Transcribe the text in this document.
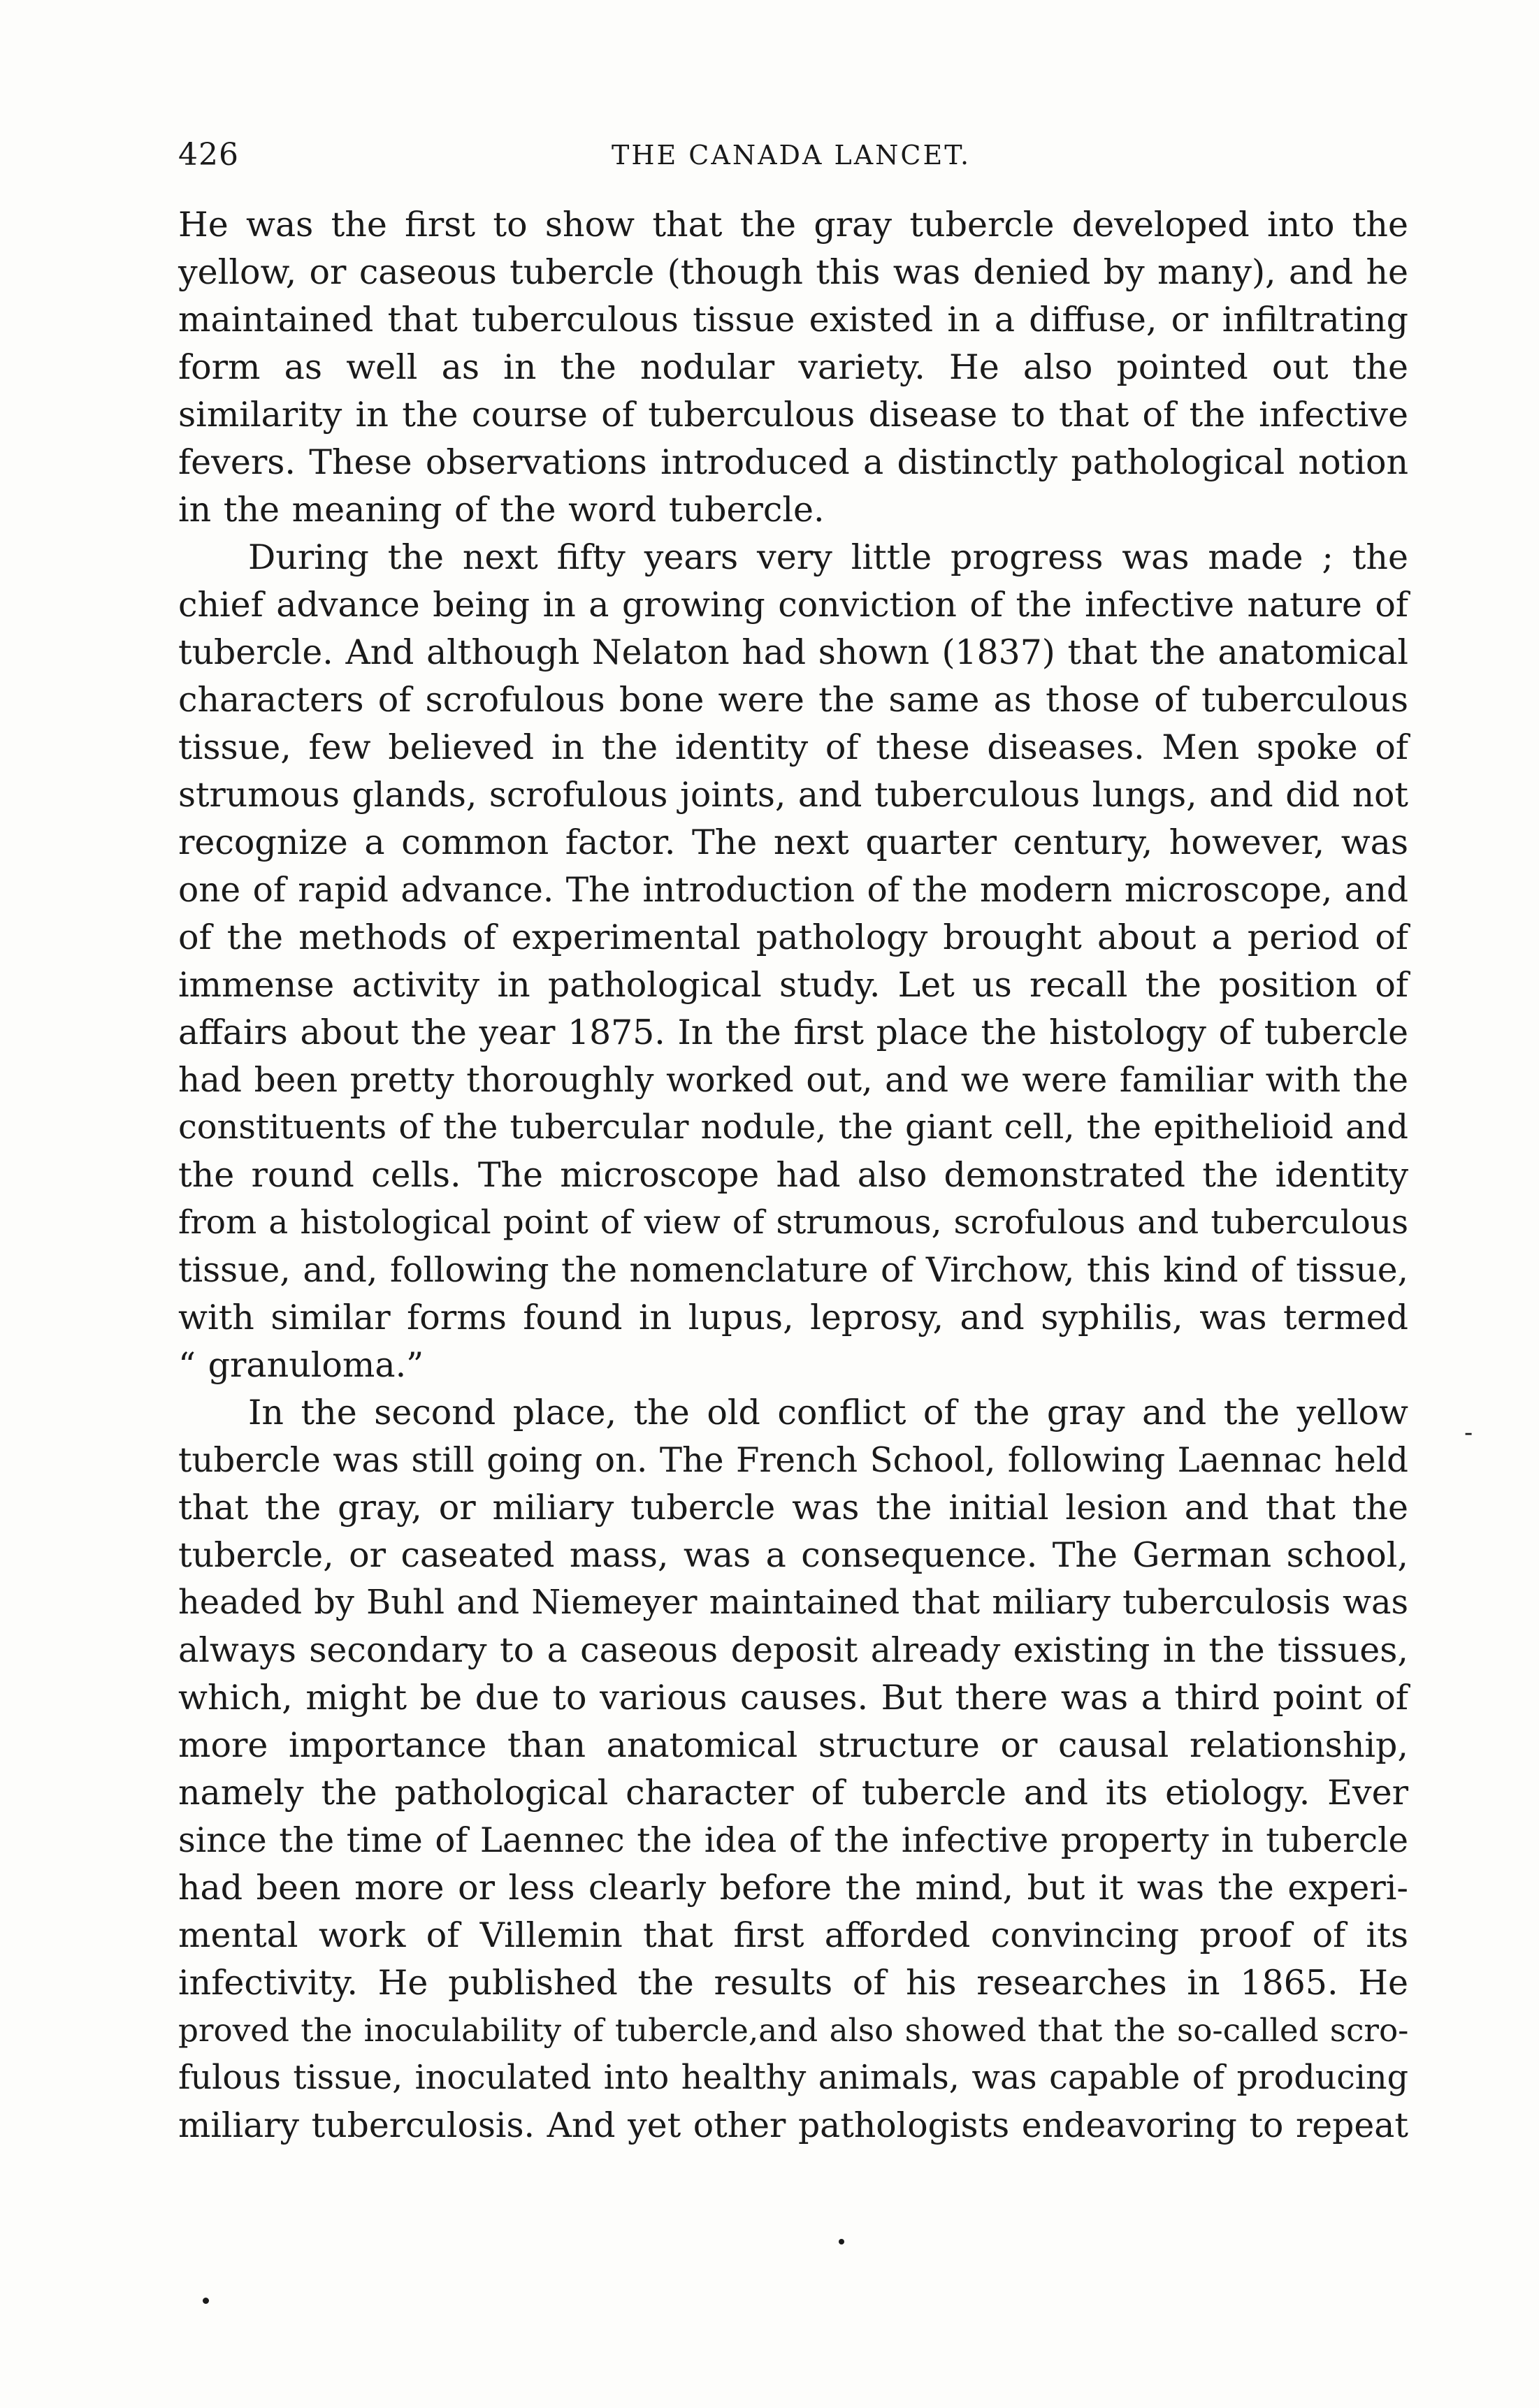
426	THE CANADA LANCET.
He was the first to show that the gray tubercle developed into the
yellow, or caseous tubercle (though this was denied by many), and he
maintained that tuberculous tissue existed in a diffuse, or infiltrating
form as well as in the nodular variety. He also pointed out the
similarity in the course of tuberculous disease to that of the infective
fevers. These observations introduced a distinctly pathological notion
in the meaning of the word tubercle.
During the next fifty years very little progress was made ; the
chief advance being in a growing conviction of the infective nature of
tubercle. And although Nelaton had shown (1837) that the anatomical
characters of scrofulous bone were the same as those of tuberculous
tissue, few believed in the identity of these diseases. Men spoke of
strumous glands, scrofulous joints, and tuberculous lungs, and did not
recognize a common factor. The next quarter century, however, was
one of rapid advance. The introduction of the modern microscope, and
of the methods of experimental pathology brought about a period of
immense activity in pathological study. Let us recall the position of
affairs about the year 1875. In the first place the histology of tubercle
had been pretty thoroughly worked out, and we were familiar with the
constituents of the tubercular nodule, the giant cell, the epithelioid and
the round cells. The microscope had also demonstrated the identity
from a histological point of view of strumous, scrofulous and tuberculous
tissue, and, following the nomenclature of Virchow, this kind of tissue,
with similar forms found in lupus, leprosy, and syphilis, was termed
“ granuloma.”
In the second place, the old conflict of the gray and the yellow
tubercle was still going on. The French School, following Laennac held
that the gray, or miliary tubercle was the initial lesion and that the
tubercle, or caseated mass, was a consequence. The German school,
headed by Buhl and Niemeyer maintained that miliary tuberculosis was
always secondary to a caseous deposit already existing in the tissues,
which, might be due to various causes. But there was a third point of
more importance than anatomical structure or causal relationship,
namely the pathological character of tubercle and its etiology. Ever
since the time of Laennec the idea of the infective property in tubercle
had been more or less clearly before the mind, but it was the experi-
mental work of Villemin that first afforded convincing proof of its
infectivity. He published the results of his researches in 1865. He
proved the inoculability of tubercle,and also showed that the so-called scro-
fulous tissue, inoculated into healthy animals, was capable of producing
miliary tuberculosis. And yet other pathologists endeavoring to repeat
-
